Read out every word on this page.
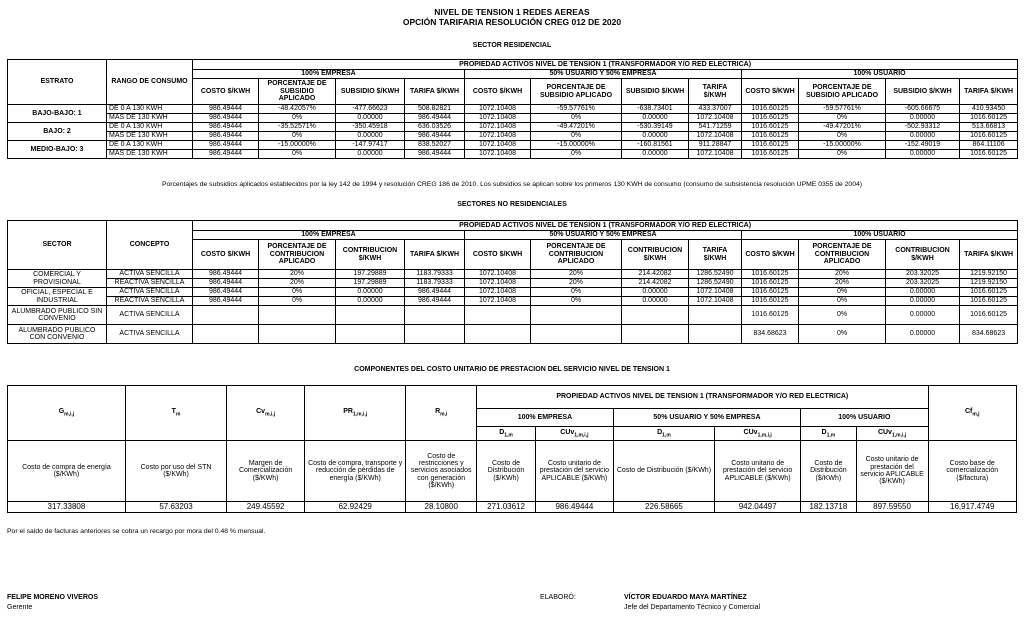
NIVEL DE TENSION 1 REDES AEREAS
OPCIÓN TARIFARIA RESOLUCIÓN CREG 012 DE 2020
SECTOR RESIDENCIAL
ESTRATO	RANGO DE CONSUMO	PROPIEDAD ACTIVOS NIVEL DE TENSION 1 (TRANSFORMADOR Y/O RED ELECTRICA)											
		100% EMPRESA				50% USUARIO Y 50% EMPRESA				100% USUARIO			
		COSTO $/KWH	PORCENTAJE DE SUBSIDIO APLICADO	SUBSIDIO $/KWH	TARIFA $/KWH	COSTO $/KWH	PORCENTAJE DE SUBSIDIO APLICADO	SUBSIDIO $/KWH	TARIFA $/KWH	COSTO $/KWH	PORCENTAJE DE SUBSIDIO APLICADO	SUBSIDIO $/KWH	TARIFA $/KWH
BAJO-BAJO: 1	DE 0 A 130 KWH	986.49444	-48.42057%	-477.66623	508.82821	1072.10408	-59.57761%	-638.73401	433.37007	1016.60125	-59.57761%	-605.66675	410.93450
	MAS DE 130 KWH	986.49444	0%	0.00000	986.49444	1072.10408	0%	0.00000	1072.10408	1016.60125	0%	0.00000	1016.60125
BAJO: 2	DE 0 A 130 KWH	986.49444	-35.52571%	-350.45918	636.03526	1072.10408	-49.47201%	-530.39149	541.71259	1016.60125	-49.47201%	-502.93312	513.66813
	MAS DE 130 KWH	986.49444	0%	0.00000	986.49444	1072.10408	0%	0.00000	1072.10408	1016.60125	0%	0.00000	1016.60125
MEDIO-BAJO: 3	DE 0 A 130 KWH	986.49444	-15.00000%	-147.97417	838.52027	1072.10408	-15.00000%	-160.81561	911.28847	1016.60125	-15.00000%	-152.49019	864.11106
	MAS DE 130 KWH	986.49444	0%	0.00000	986.49444	1072.10408	0%	0.00000	1072.10408	1016.60125	0%	0.00000	1016.60125
Porcentajes de subsidios aplicados establecidos por la ley 142 de 1994 y resolución CREG 186 de 2010. Los subsidios se aplican sobre los primeros 130 KWH de consumo (consumo de subsistencia resolución UPME 0355 de 2004)
SECTORES NO RESIDENCIALES
SECTOR	CONCEPTO	PROPIEDAD ACTIVOS NIVEL DE TENSION 1 (TRANSFORMADOR Y/O RED ELECTRICA)											
		100% EMPRESA				50% USUARIO Y 50% EMPRESA				100% USUARIO			
		COSTO $/KWH	PORCENTAJE DE CONTRIBUCION APLICADO	CONTRIBUCION $/KWH	TARIFA $/KWH	COSTO $/KWH	PORCENTAJE DE CONTRIBUCION APLICADO	CONTRIBUCION $/KWH	TARIFA $/KWH	COSTO $/KWH	PORCENTAJE DE CONTRIBUCION APLICADO	CONTRIBUCION $/KWH	TARIFA $/KWH
COMERCIAL Y PROVISIONAL	ACTIVA SENCILLA	986.49444	20%	197.29889	1183.79333	1072.10408	20%	214.42082	1286.52490	1016.60125	20%	203.32025	1219.92150
	REACTIVA SENCILLA	986.49444	20%	197.29889	1183.79333	1072.10408	20%	214.42082	1286.52490	1016.60125	20%	203.32025	1219.92150
OFICIAL, ESPECIAL E INDUSTRIAL	ACTIVA SENCILLA	986.49444	0%	0.00000	986.49444	1072.10408	0%	0.00000	1072.10408	1016.60125	0%	0.00000	1016.60125
	REACTIVA SENCILLA	986.49444	0%	0.00000	986.49444	1072.10408	0%	0.00000	1072.10408	1016.60125	0%	0.00000	1016.60125
ALUMBRADO PUBLICO SIN CONVENIO	ACTIVA SENCILLA									1016.60125	0%	0.00000	1016.60125
ALUMBRADO PUBLICO CON CONVENIO	ACTIVA SENCILLA									834.68623	0%	0.00000	834.68623
COMPONENTES DEL COSTO UNITARIO DE PRESTACION DEL SERVICIO NIVEL DE TENSION 1
$G_{m,i,j}$	$T_m$	$Cv_{m,i,j}$	$PR_{1,m,i,j}$	$R_{m,i}$	PROPIEDAD ACTIVOS NIVEL DE TENSION 1 (TRANSFORMADOR Y/O RED ELECTRICA)						$Cf_{m,j}$
					100% EMPRESA		50% USUARIO Y 50% EMPRESA		100% USUARIO		
					$D_{1,m}$	CUv$_{1,m,i,j}$	$D_{1,m}$	CUv$_{1,m,i,j}$	$D_{1,m}$	CUv$_{1,m,i,j}$
Costo de compra de energía ($/KWh)	Costo por uso del STN ($/KWh)	Margen de Comercialización ($/KWh)	Costo de compra, transporte y reducción de pérdidas de energía ($/KWh)	Costo de restricciones y servicios asociados con generación ($/KWh)	Costo de Distribución ($/KWh)	Costo unitario de prestación del servicio APLICABLE ($/KWh)	Costo de Distribución ($/KWh)	Costo unitario de prestación del servicio APLICABLE ($/KWh)	Costo de Distribución ($/KWh)	Costo unitario de prestación del servicio APLICABLE ($/KWh)	Costo base de comercialización ($/factura)
317.33808	57.63203	249.45592	62.92429	28.10800	271.03612	986.49444	226.58665	942.04497	182.13718	897.59550	16,917.4749
Por el saldo de facturas anteriores se cobra un recargo por mora del 0.48 % mensual.
FELIPE MORENO VIVEROS
Gerente
ELABORÓ:	VÍCTOR EDUARDO MAYA MARTÍNEZ
Jefe del Departamento Técnico y Comercial
